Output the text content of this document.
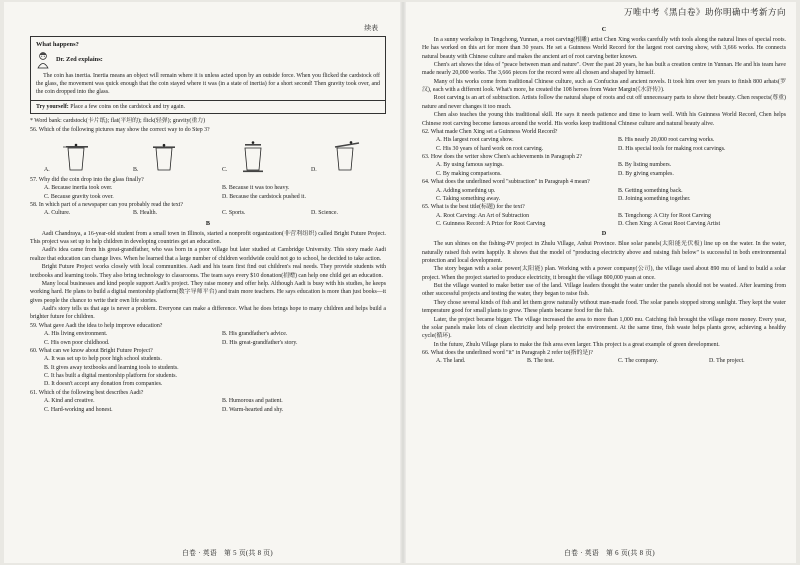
万唯中考《黑白卷》助你明确中考新方向
续表
What happens?
Dr. Zed explains:

The coin has inertia. Inertia means an object will remain where it is unless acted upon by an outside force. When you flicked the cardstock off the glass, the movement was quick enough that the coin stayed where it was (in a state of inertia) for a short second! Then gravity took over, and the coin dropped into the glass.

Try yourself: Place a few coins on the cardstock and try again.

* Word bank: cardstock(卡片纸); flat(平坦的); flick(轻弹); gravity(重力)

56. Which of the following pictures may show the correct way to do Step 3?

A.	B.	C.	D.

57. Why did the coin drop into the glass finally?

A. Because inertia took over.	B. Because it was too heavy.
C. Because gravity took over.	D. Because the cardstock pushed it.

58. In which part of a newspaper can you probably read the text?

A. Culture.	B. Health.	C. Sports.	D. Science.
B

Aadi Chandraya, a 16-year-old student from a small town in Illinois, started a nonprofit organization(非营利组织) called Bright Future Project. This project was set up to help children in developing countries get an education.

Aadi's idea came from his great-grandfather, who was born in a poor village but later studied at Cambridge University. This story made Aadi realize that education can change lives. When he learned that a large number of children worldwide could not go to school, he decided to take action.

Bright Future Project works closely with local communities. Aadi and his team first find out children's real needs. They provide students with textbooks and learning tools. They also bring technology to classrooms. The team says every $10 donation(捐赠) can help one child get an education.

Many local businesses and kind people support Aadi's project. They raise money and offer help. Although Aadi is busy with his studies, he keeps working hard. He plans to build a digital mentorship platform(数字导师平台) and train more teachers. He says education is more than just books—it gives people the chance to write their own life stories.

Aadi's story tells us that age is never a problem. Everyone can make a difference. What he does brings hope to many children and helps build a brighter future for children.

59. What gave Aadi the idea to help improve education?

A. His living environment.	B. His grandfather's advice.
C. His own poor childhood.	D. His great-grandfather's story.

60. What can we know about Bright Future Project?

A. It was set up to help poor high school students.

B. It gives away textbooks and learning tools to students.

C. It has built a digital mentorship platform for students.

D. It doesn't accept any donation from companies.

61. Which of the following best describes Aadi?

A. Kind and creative.	B. Humorous and patient.
C. Hard-working and honest.	D. Warm-hearted and shy.
C

In a sunny workshop in Tengchong, Yunnan, a root carving(根雕) artist Chen Xing works carefully with tools along the natural lines of special roots. He has worked on this art for more than 30 years. He set a Guinness World Record for the largest root carving show, with 3,666 works. He connects natural beauty with Chinese culture and makes the ancient art of root carving better known.

Chen's art shows the idea of "peace between man and nature". Over the past 20 years, he has built a creation centre in Yunnan. He and his team have made nearly 20,000 works. The 3,666 pieces for the record were all chosen and shaped by himself.

Many of his works come from traditional Chinese culture, such as Confucius and ancient novels. It took him over ten years to finish 800 arhats(罗汉), each with a different look. What's more, he created the 108 heroes from Water Margin(《水浒传》).

Root carving is an art of subtraction. Artists follow the natural shape of roots and cut off unnecessary parts to show their beauty. Chen respects(尊重) nature and never changes it too much.

Chen also teaches the young this traditional skill. He says it needs patience and time to learn well. With his Guinness World Record, Chen helps Chinese root carving become famous around the world. His works keep traditional Chinese culture and natural beauty alive.

62. What made Chen Xing set a Guinness World Record?

A. His largest root carving show.	B. His nearly 20,000 root carving works.
C. His 30 years of hard work on root carving.	D. His special tools for making root carvings.

63. How does the writer show Chen's achievements in Paragraph 2?

A. By using famous sayings.	B. By listing numbers.
C. By making comparisons.	D. By giving examples.

64. What does the underlined word "subtraction" in Paragraph 4 mean?

A. Adding something up.	B. Getting something back.
C. Taking something away.	D. Joining something together.

65. What is the best title(标题) for the text?

A. Root Carving: An Art of Subtraction	B. Tengchong: A City for Root Carving
C. Guinness Record: A Prize for Root Carving	D. Chen Xing: A Great Root Carving Artist
D

The sun shines on the fishing-PV project in Zhulu Village, Anhui Province. Blue solar panels(太阳能光伏板) line up on the water. In the water, naturally raised fish swim happily. It shows that the model of "producing electricity above and raising fish below" is successful in both environmental protection and local development.

The story began with a solar power(太阳能) plan. Working with a power company(公司), the village used about 890 mu of land to build a solar project. When the project started to produce electricity, it brought the village 800,000 yuan at once.

But the village wanted to make better use of the land. Village leaders thought the water under the panels should not be wasted. After learning from other successful projects and testing the water, they began to raise fish.

They chose several kinds of fish and let them grow naturally without man-made food. The solar panels stopped strong sunlight. They kept the water temperature good for small plants to grow. These plants became food for the fish.

Later, the project became bigger. The village increased the area to more than 1,000 mu. Catching fish brought the village more money. Every year, the solar panels make lots of clean electricity and help protect the environment. At the same time, fish waste helps plants grow, achieving a healthy cycle(循环).

In the future, Zhulu Village plans to make the fish area even larger. This project is a great example of green development.

66. What does the underlined word "it" in Paragraph 2 refer to(指的是)?

A. The land.	B. The test.	C. The company.	D. The project.
白卷 · 英语　第 5 页(共 8 页)	白卷 · 英语　第 6 页(共 8 页)
